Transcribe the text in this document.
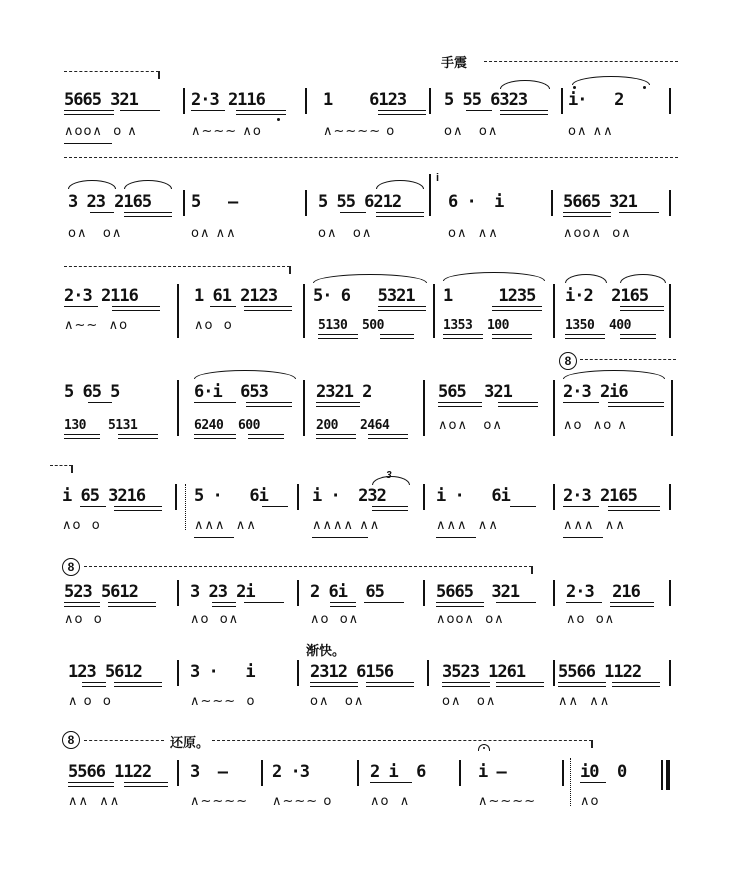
手震
5665 321	2·3 2116	1    6123 5 55 6323 i·   2
∧oo∧  o ∧	∧~~~ ∧o	∧~~~~ o	o∧   o∧	o∧ ∧∧
3 23 2165 5   —	5 55 6212	6 ·  i	5665 321
i
o∧   o∧	o∧ ∧∧	o∧   o∧	o∧  ∧∧	∧oo∧  o∧
2·3 2116	1 61 2123 5· 6   5321 1     1235 i·2  2165
∧~~  ∧o	∧o  o	5130  500	1353  100	1350  400
8
5 65 5	6·i  653	2321 2	565  321	2·3 2i6
130   5131	6240  600	200   2464	∧o∧   o∧	∧o  ∧o ∧
i 65 3216	5 ·   6i	i ·  232	i ·   6i	2·3 2165
3
∧o  o	∧∧∧  ∧∧	∧∧∧∧ ∧∧	∧∧∧  ∧∧	∧∧∧  ∧∧
8
523 5612	3 23 2i	2 6i  65	5665  321	2·3  216
∧o  o	∧o  o∧	∧o  o∧	∧oo∧  o∧	∧o  o∧
渐快。
123 5612	3 ·   i	2312 6156	3523 1261 5566 1122
∧ o  o	∧~~~  o	o∧   o∧	o∧   o∧	∧∧  ∧∧
8	还原。
5566 1122 3  —	2 ·3	2 i  6	i —	i0  0
∧∧  ∧∧	∧~~~~ ∧~~~ o	∧o  ∧	∧~~~~	∧o
